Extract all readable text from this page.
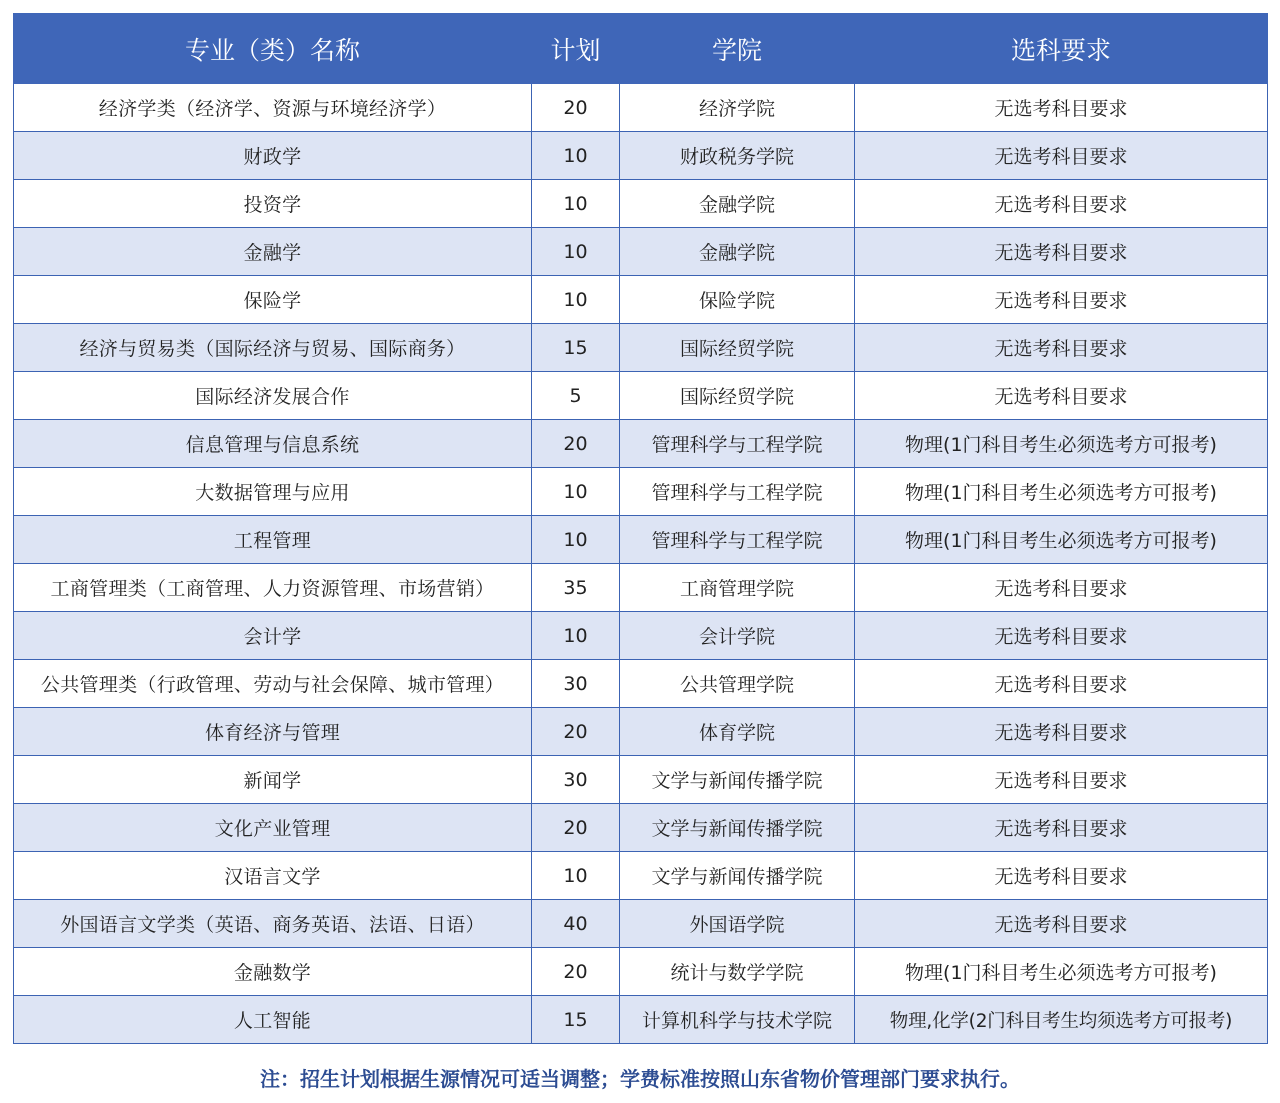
专业（类）名称	计划	学院	选科要求
经济学类（经济学、资源与环境经济学）	20	经济学院	无选考科目要求
财政学	10	财政税务学院	无选考科目要求
投资学	10	金融学院	无选考科目要求
金融学	10	金融学院	无选考科目要求
保险学	10	保险学院	无选考科目要求
经济与贸易类（国际经济与贸易、国际商务）	15	国际经贸学院	无选考科目要求
国际经济发展合作	5	国际经贸学院	无选考科目要求
信息管理与信息系统	20	管理科学与工程学院	物理(1门科目考生必须选考方可报考)
大数据管理与应用	10	管理科学与工程学院	物理(1门科目考生必须选考方可报考)
工程管理	10	管理科学与工程学院	物理(1门科目考生必须选考方可报考)
工商管理类（工商管理、人力资源管理、市场营销）	35	工商管理学院	无选考科目要求
会计学	10	会计学院	无选考科目要求
公共管理类（行政管理、劳动与社会保障、城市管理）	30	公共管理学院	无选考科目要求
体育经济与管理	20	体育学院	无选考科目要求
新闻学	30	文学与新闻传播学院	无选考科目要求
文化产业管理	20	文学与新闻传播学院	无选考科目要求
汉语言文学	10	文学与新闻传播学院	无选考科目要求
外国语言文学类（英语、商务英语、法语、日语）	40	外国语学院	无选考科目要求
金融数学	20	统计与数学学院	物理(1门科目考生必须选考方可报考)
人工智能	15	计算机科学与技术学院	物理,化学(2门科目考生均须选考方可报考)
注：招生计划根据生源情况可适当调整；学费标准按照山东省物价管理部门要求执行。
